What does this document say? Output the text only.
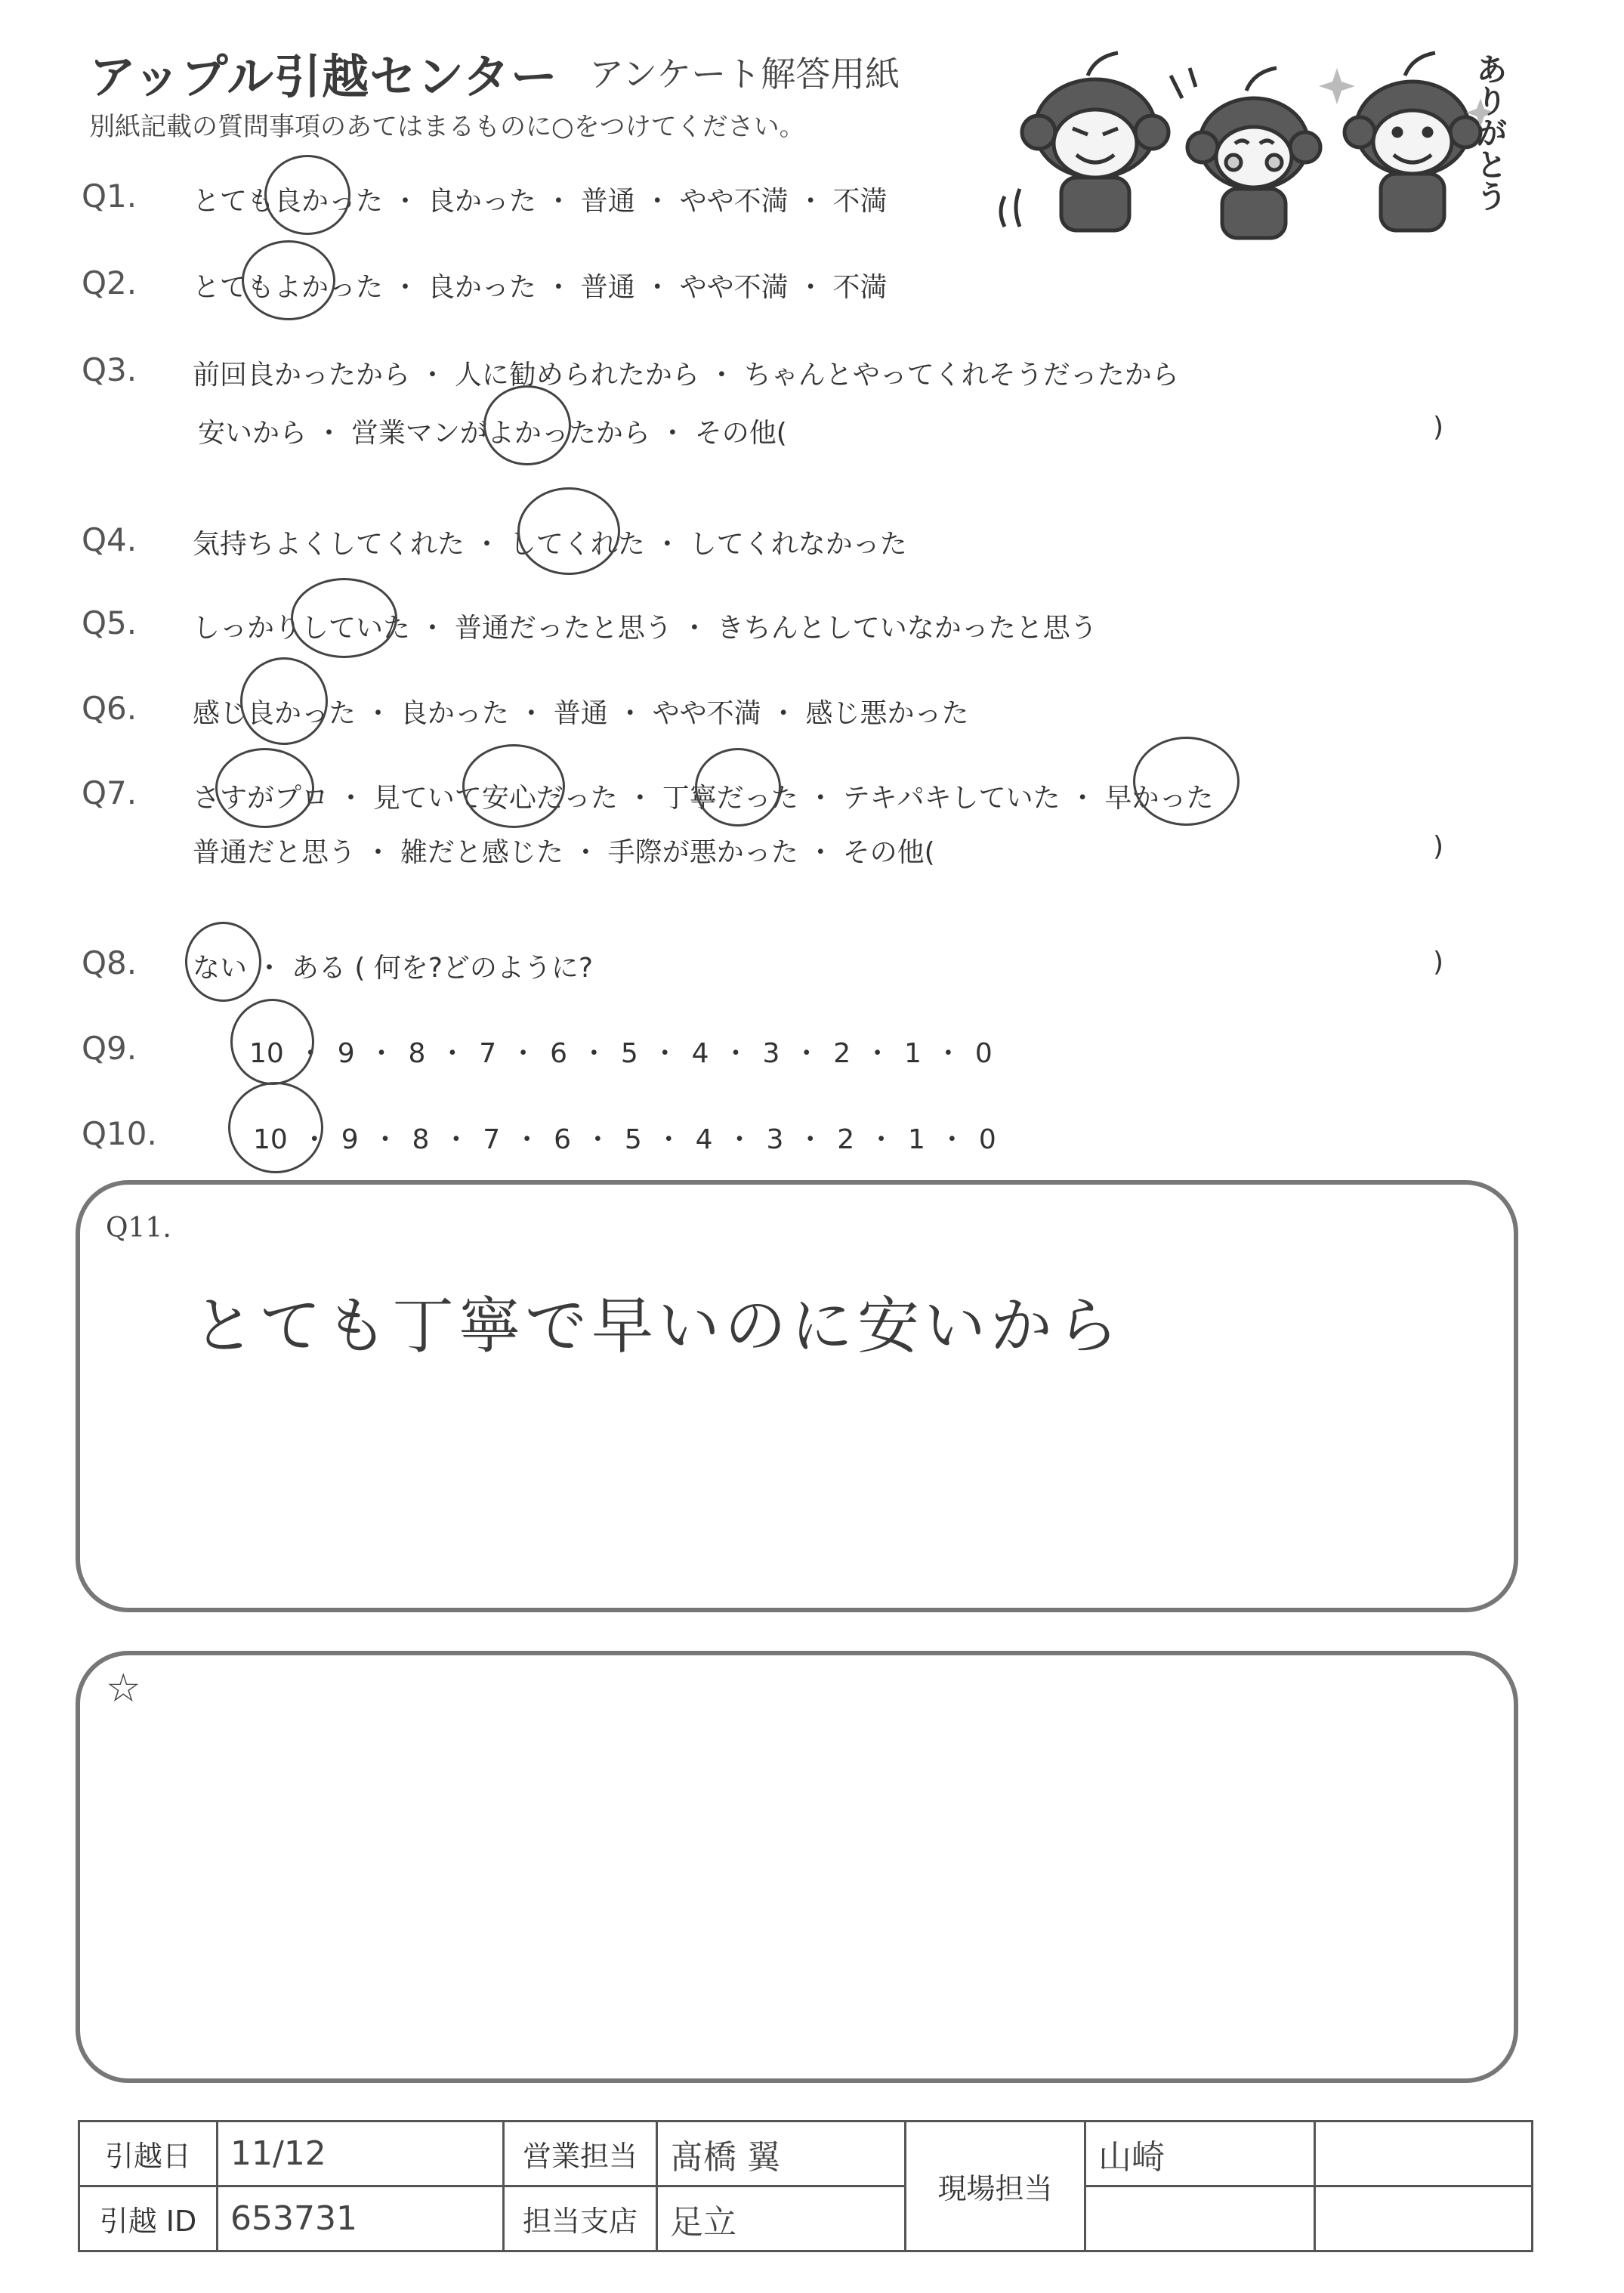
アップル引越センター アンケート解答用紙
別紙記載の質問事項のあてはまるものに○をつけてください。	ありがとう
Q1. とても良かった ・ 良かった ・ 普通 ・ やや不満 ・ 不満
Q2. とてもよかった ・ 良かった ・ 普通 ・ やや不満 ・ 不満
Q3. 前回良かったから ・ 人に勧められたから ・ ちゃんとやってくれそうだったから
安いから ・ 営業マンがよかったから ・ その他(	)
Q4. 気持ちよくしてくれた ・ してくれた ・ してくれなかった
Q5. しっかりしていた ・ 普通だったと思う ・ きちんとしていなかったと思う
Q6. 感じ良かった ・ 良かった ・ 普通 ・ やや不満 ・ 感じ悪かった
Q7. さすがプロ ・ 見ていて安心だった ・ 丁寧だった ・ テキパキしていた ・ 早かった
普通だと思う ・ 雑だと感じた ・ 手際が悪かった ・ その他(	)
Q8. ない ・ ある ( 何を?どのように?	)
Q9.	10 ・ 9 ・ 8 ・ 7 ・ 6 ・ 5 ・ 4 ・ 3 ・ 2 ・ 1 ・ 0
Q10.	10 ・ 9 ・ 8 ・ 7 ・ 6 ・ 5 ・ 4 ・ 3 ・ 2 ・ 1 ・ 0
Q11.
とても丁寧で早いのに安いから
☆
引越日	11/12	営業担当	髙橋 翼	現場担当	山崎	
引越 ID	653731	担当支店	足立			
